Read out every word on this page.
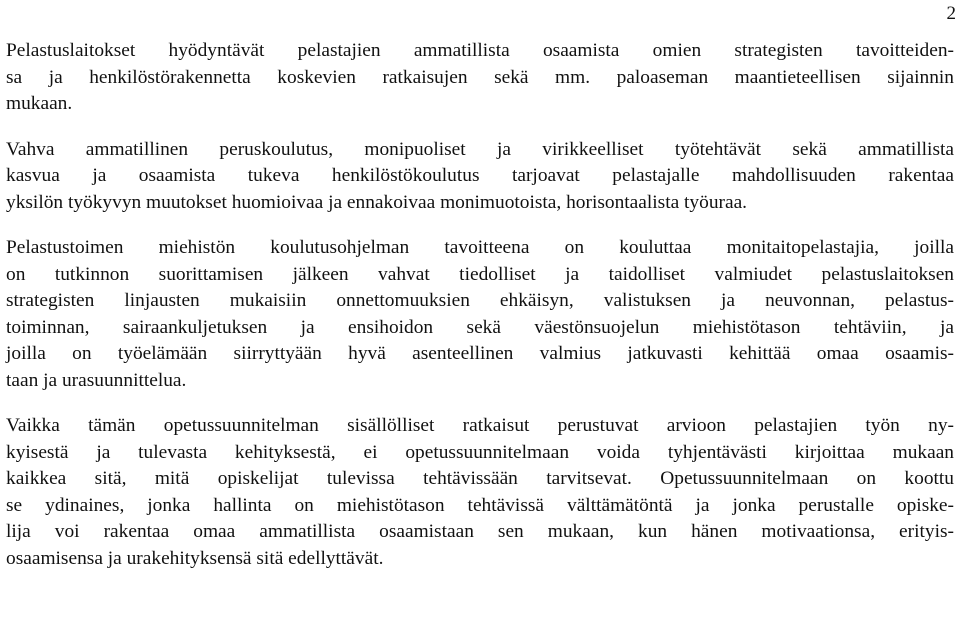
2

Pelastuslaitokset hyödyntävät pelastajien ammatillista osaamista omien strategisten tavoitteiden-
sa ja henkilöstörakennetta koskevien ratkaisujen sekä mm. paloaseman maantieteellisen sijainnin
mukaan.

Vahva ammatillinen peruskoulutus, monipuoliset ja virikkeelliset työtehtävät sekä ammatillista
kasvua ja osaamista tukeva henkilöstökoulutus tarjoavat pelastajalle mahdollisuuden rakentaa
yksilön työkyvyn muutokset huomioivaa ja ennakoivaa monimuotoista, horisontaalista työuraa.

Pelastustoimen miehistön koulutusohjelman tavoitteena on kouluttaa monitaitopelastajia, joilla
on tutkinnon suorittamisen jälkeen vahvat tiedolliset ja taidolliset valmiudet pelastuslaitoksen
strategisten linjausten mukaisiin onnettomuuksien ehkäisyn, valistuksen ja neuvonnan, pelastus-
toiminnan, sairaankuljetuksen ja ensihoidon sekä väestönsuojelun miehistötason tehtäviin, ja
joilla on työelämään siirryttyään hyvä asenteellinen valmius jatkuvasti kehittää omaa osaamis-
taan ja urasuunnittelua.

Vaikka tämän opetussuunnitelman sisällölliset ratkaisut perustuvat arvioon pelastajien työn ny-
kyisestä ja tulevasta kehityksestä, ei opetussuunnitelmaan voida tyhjentävästi kirjoittaa mukaan
kaikkea sitä, mitä opiskelijat tulevissa tehtävissään tarvitsevat. Opetussuunnitelmaan on koottu
se ydinaines, jonka hallinta on miehistötason tehtävissä välttämätöntä ja jonka perustalle opiske-
lija voi rakentaa omaa ammatillista osaamistaan sen mukaan, kun hänen motivaationsa, erityis-
osaamisensa ja urakehityksensä sitä edellyttävät.
